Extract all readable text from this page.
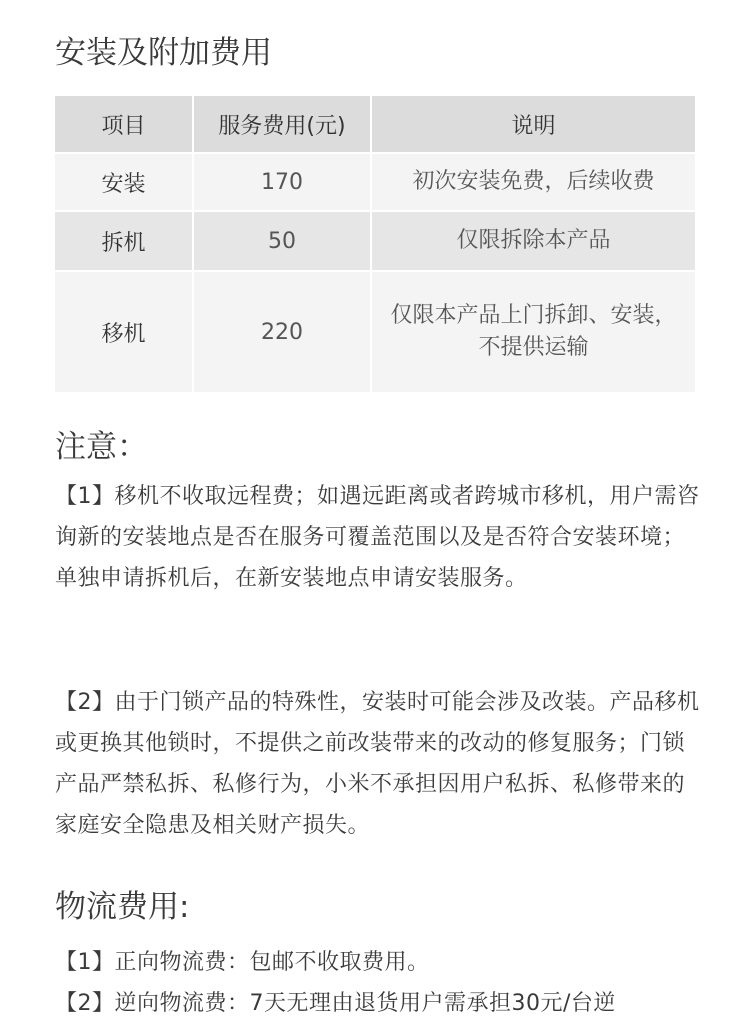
安装及附加费用
项目	服务费用(元)	说明
安装	170	初次安装免费，后续收费

拆机	50	仅限拆除本产品

移机	220	仅限本产品上门拆卸、安装，
不提供运输
注意：

【1】移机不收取远程费；如遇远距离或者跨城市移机，用户需咨询新的安装地点是否在服务可覆盖范围以及是否符合安装环境；单独申请拆机后，在新安装地点申请安装服务。

【2】由于门锁产品的特殊性，安装时可能会涉及改装。产品移机或更换其他锁时，不提供之前改装带来的改动的修复服务；门锁产品严禁私拆、私修行为，小米不承担因用户私拆、私修带来的家庭安全隐患及相关财产损失。

物流费用:

【1】正向物流费：包邮不收取费用。

【2】逆向物流费：7天无理由退货用户需承担30元/台逆
